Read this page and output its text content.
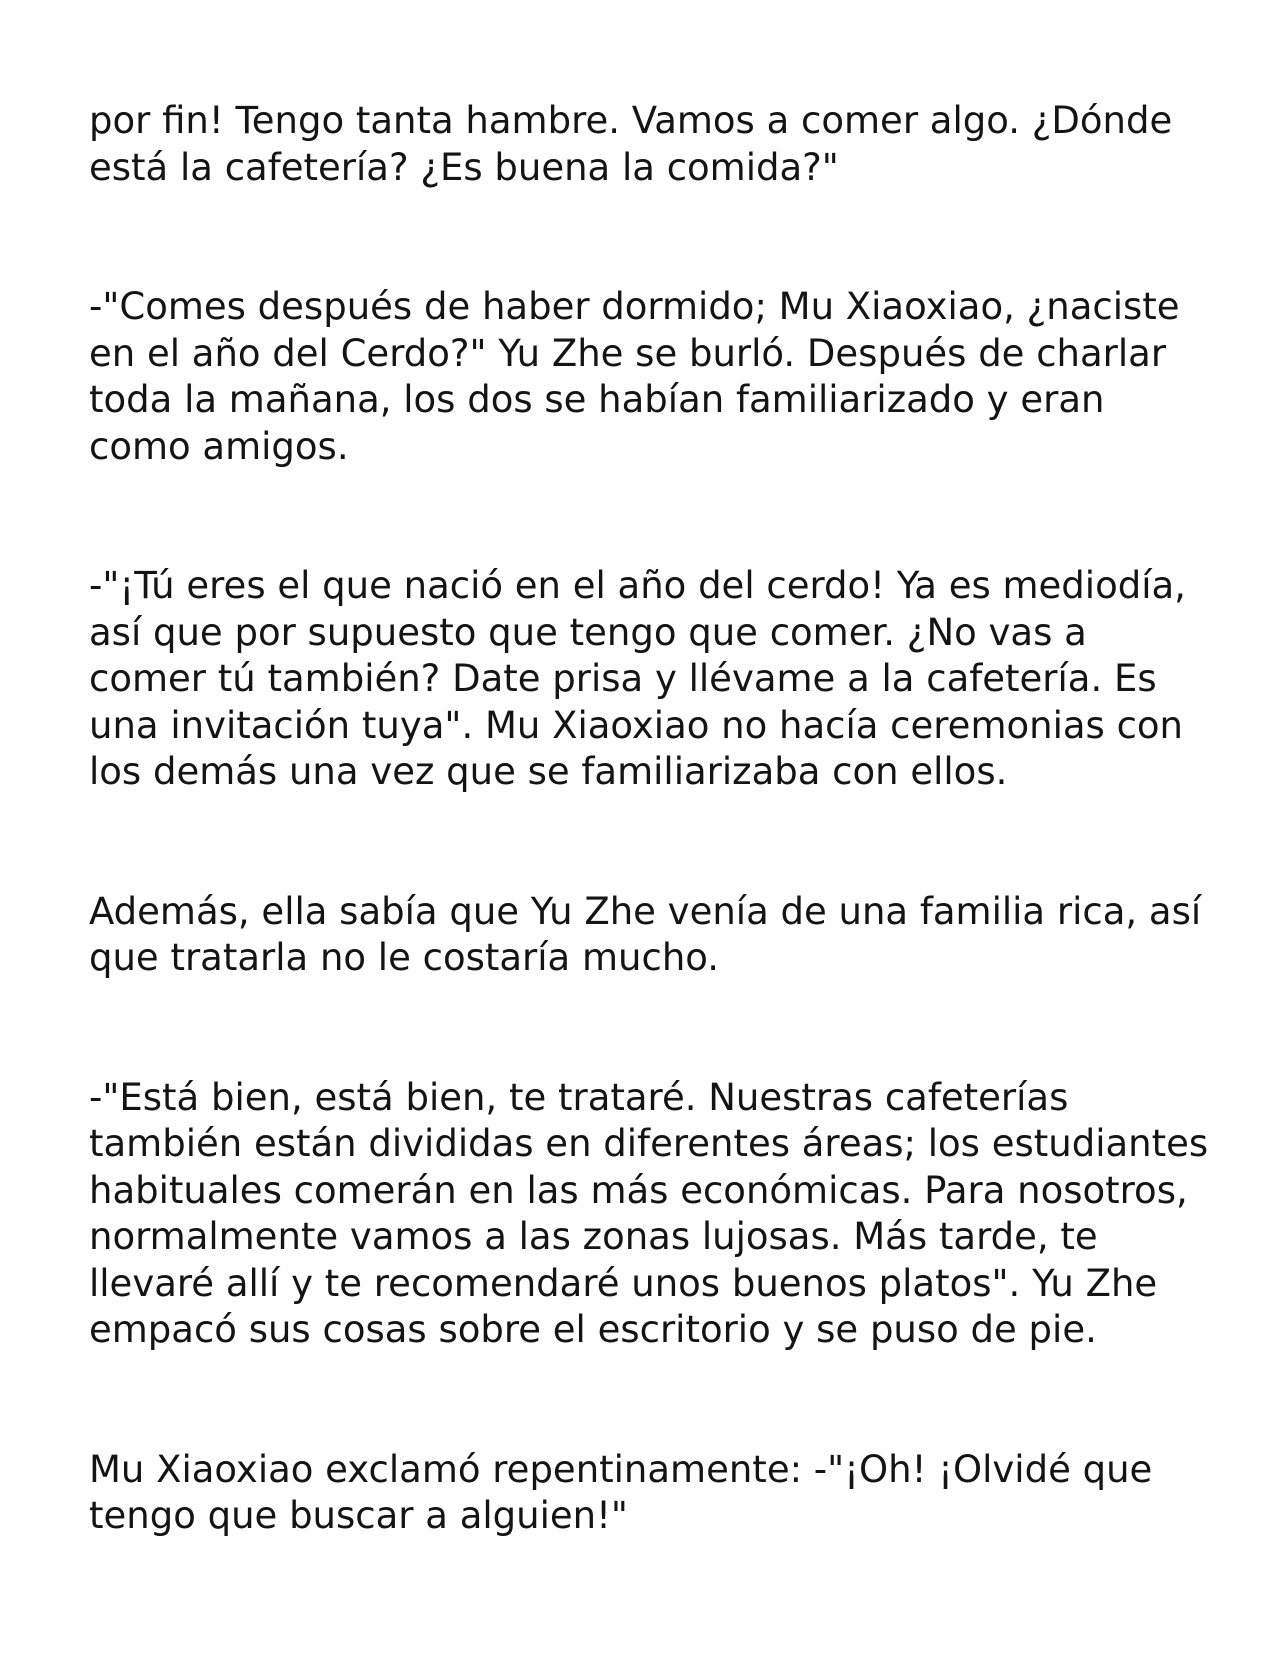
por fin! Tengo tanta hambre. Vamos a comer algo. ¿Dónde está la cafetería? ¿Es buena la comida?"

-"Comes después de haber dormido; Mu Xiaoxiao, ¿naciste en el año del Cerdo?" Yu Zhe se burló. Después de charlar toda la mañana, los dos se habían familiarizado y eran como amigos.

-"¡Tú eres el que nació en el año del cerdo! Ya es mediodía, así que por supuesto que tengo que comer. ¿No vas a comer tú también? Date prisa y llévame a la cafetería. Es una invitación tuya". Mu Xiaoxiao no hacía ceremonias con los demás una vez que se familiarizaba con ellos.

Además, ella sabía que Yu Zhe venía de una familia rica, así que tratarla no le costaría mucho.

-"Está bien, está bien, te trataré. Nuestras cafeterías también están divididas en diferentes áreas; los estudiantes habituales comerán en las más económicas. Para nosotros, normalmente vamos a las zonas lujosas. Más tarde, te llevaré allí y te recomendaré unos buenos platos". Yu Zhe empacó sus cosas sobre el escritorio y se puso de pie.

Mu Xiaoxiao exclamó repentinamente: -"¡Oh! ¡Olvidé que tengo que buscar a alguien!"
